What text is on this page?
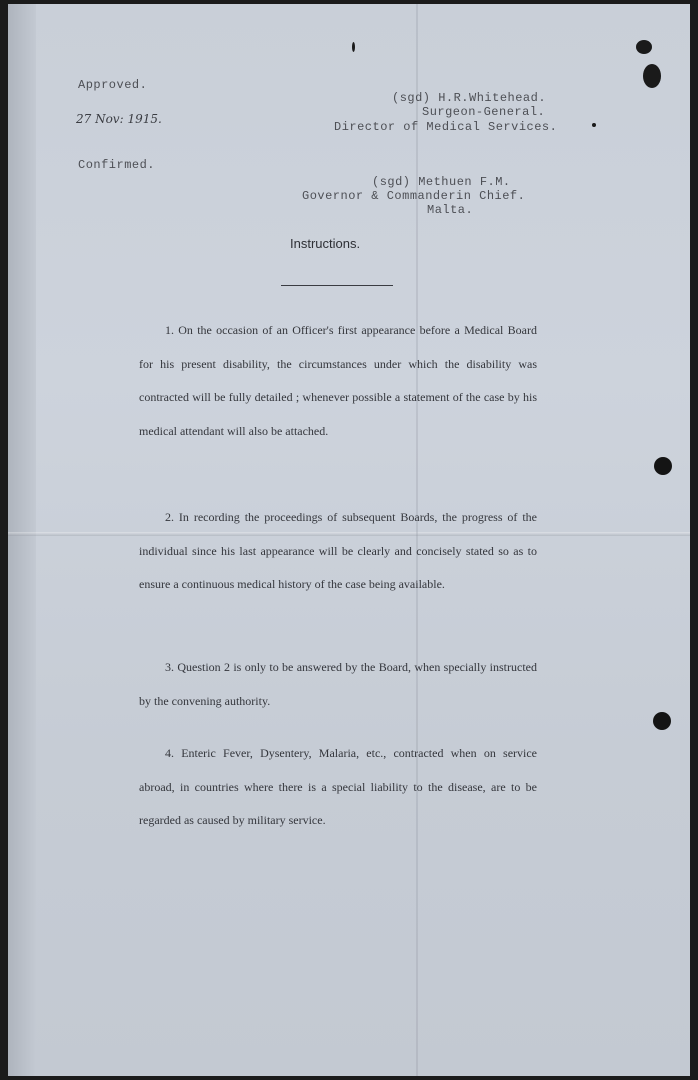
Approved.
27 Nov: 1915.
Confirmed.
(sgd) H.R.Whitehead.
Surgeon-General.
Director of Medical Services.
(sgd) Methuen F.M.
Governor & Commanderin Chief.
Malta.
Instructions.

1. On the occasion of an Officer's first appearance before a Medical Board for his present disability, the circumstances under which the disability was contracted will be fully detailed ; whenever possible a statement of the case by his medical attendant will also be attached.

2. In recording the proceedings of subsequent Boards, the progress of the individual since his last appearance will be clearly and concisely stated so as to ensure a continuous medical history of the case being available.

3. Question 2 is only to be answered by the Board, when specially instructed by the convening authority.

4. Enteric Fever, Dysentery, Malaria, etc., contracted when on service abroad, in countries where there is a special liability to the disease, are to be regarded as caused by military service.
